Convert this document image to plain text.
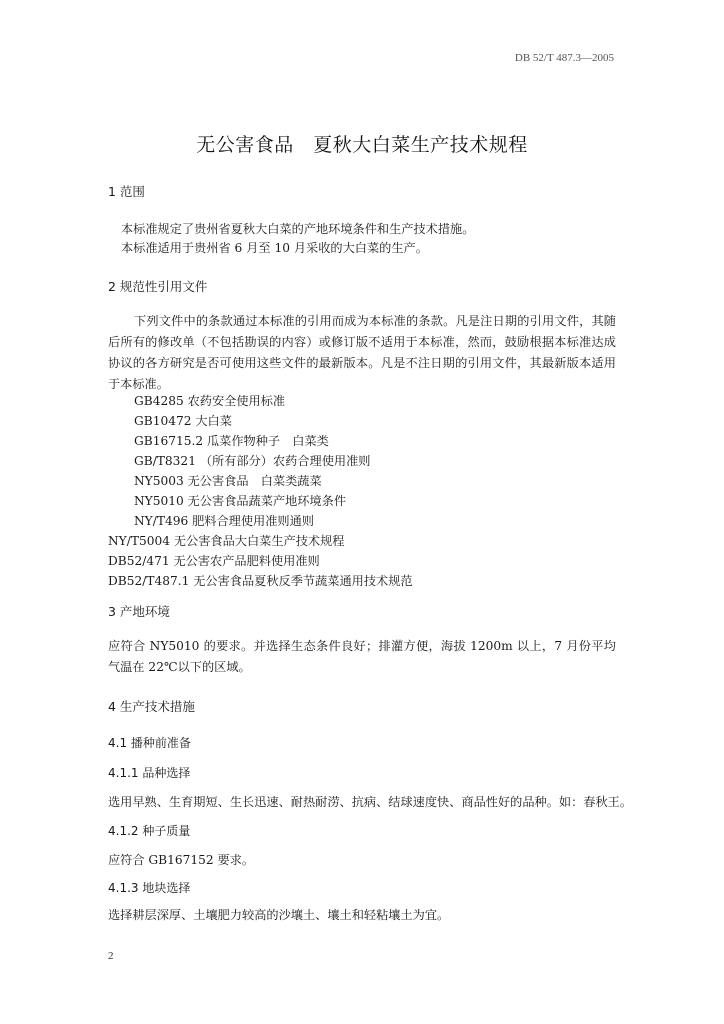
DB 52/T 487.3—2005
无公害食品　夏秋大白菜生产技术规程
1 范围
本标准规定了贵州省夏秋大白菜的产地环境条件和生产技术措施。
本标准适用于贵州省 6 月至 10 月采收的大白菜的生产。
2 规范性引用文件
下列文件中的条款通过本标准的引用而成为本标准的条款。凡是注日期的引用文件，其随后所有的修改单（不包括勘误的内容）或修订版不适用于本标准，然而，鼓励根据本标准达成协议的各方研究是否可使用这些文件的最新版本。凡是不注日期的引用文件，其最新版本适用于本标准。
GB4285 农药安全使用标准
GB10472 大白菜
GB16715.2 瓜菜作物种子　白菜类
GB/T8321 （所有部分）农药合理使用准则
NY5003 无公害食品　白菜类蔬菜
NY5010 无公害食品蔬菜产地环境条件
NY/T496 肥料合理使用准则通则
NY/T5004 无公害食品大白菜生产技术规程
DB52/471 无公害农产品肥料使用准则
DB52/T487.1 无公害食品夏秋反季节蔬菜通用技术规范
3 产地环境
应符合 NY5010 的要求。并选择生态条件良好；排灌方便，海拔 1200m 以上，7 月份平均气温在 22℃以下的区域。
4 生产技术措施
4.1 播种前准备
4.1.1 品种选择
选用早熟、生育期短、生长迅速、耐热耐涝、抗病、结球速度快、商品性好的品种。如：春秋王。
4.1.2 种子质量
应符合 GB167152 要求。
4.1.3 地块选择
选择耕层深厚、土壤肥力较高的沙壤土、壤土和轻粘壤土为宜。
2
